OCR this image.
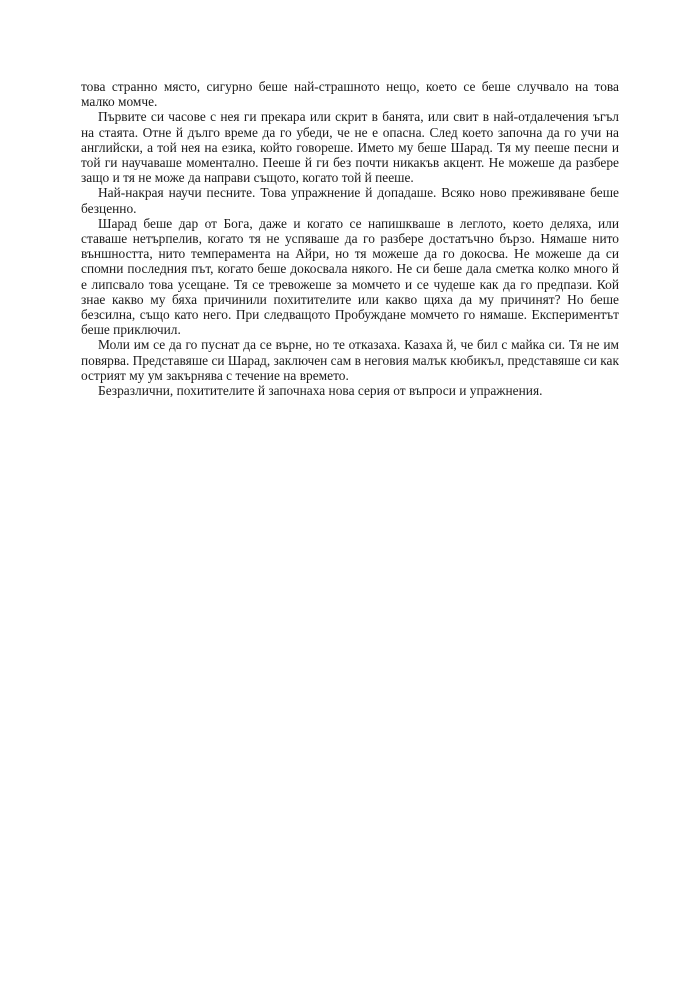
това странно място, сигурно беше най-страшното нещо, което се беше случвало на това малко момче.

Първите си часове с нея ги прекара или скрит в банята, или свит в най-отдалечения ъгъл на стаята. Отне й дълго време да го убеди, че не е опасна. След което започна да го учи на английски, а той нея на езика, който говореше. Името му беше Шарад. Тя му пееше песни и той ги научаваше моментално. Пееше й ги без почти никакъв акцент. Не можеше да разбере защо и тя не може да направи същото, когато той й пееше.

Най-накрая научи песните. Това упражнение й допадаше. Всяко ново преживяване беше безценно.

Шарад беше дар от Бога, даже и когато се напишкваше в леглото, което деляха, или ставаше нетърпелив, когато тя не успяваше да го разбере достатъчно бързо. Нямаше нито външността, нито темперамента на Айри, но тя можеше да го докосва. Не можеше да си спомни последния път, когато беше докосвала някого. Не си беше дала сметка колко много й е липсвало това усещане. Тя се тревожеше за момчето и се чудеше как да го предпази. Кой знае какво му бяха причинили похитителите или какво щяха да му причинят? Но беше безсилна, също като него. При следващото Пробуждане момчето го нямаше. Експериментът беше приключил.

Моли им се да го пуснат да се върне, но те отказаха. Казаха й, че бил с майка си. Тя не им повярва. Представяше си Шарад, заключен сам в неговия малък кюбикъл, представяше си как острият му ум закърнява с течение на времето.

Безразлични, похитителите й започнаха нова серия от въпроси и упражнения.
